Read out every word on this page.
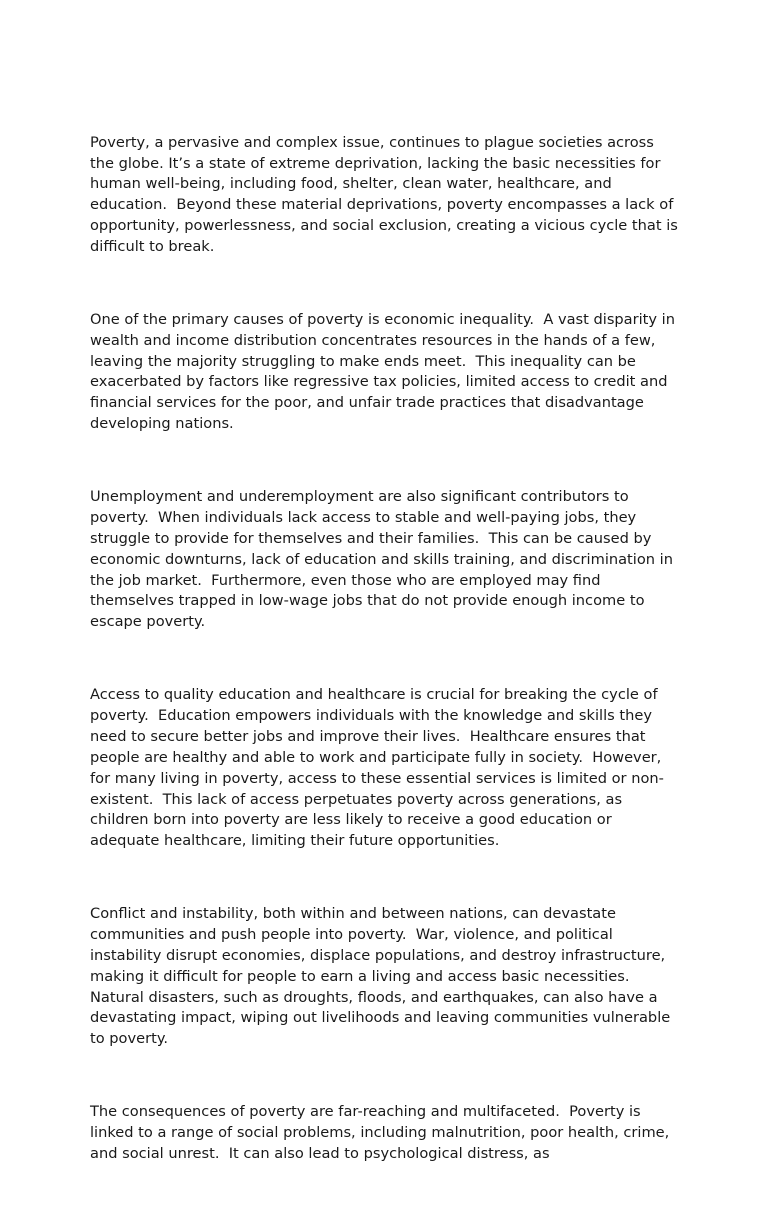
Poverty, a pervasive and complex issue, continues to plague societies across the globe. It’s a state of extreme deprivation, lacking the basic necessities for human well-being, including food, shelter, clean water, healthcare, and education.  Beyond these material deprivations, poverty encompasses a lack of opportunity, powerlessness, and social exclusion, creating a vicious cycle that is difficult to break.

One of the primary causes of poverty is economic inequality.  A vast disparity in wealth and income distribution concentrates resources in the hands of a few, leaving the majority struggling to make ends meet.  This inequality can be exacerbated by factors like regressive tax policies, limited access to credit and financial services for the poor, and unfair trade practices that disadvantage developing nations.

Unemployment and underemployment are also significant contributors to poverty.  When individuals lack access to stable and well-paying jobs, they struggle to provide for themselves and their families.  This can be caused by economic downturns, lack of education and skills training, and discrimination in the job market.  Furthermore, even those who are employed may find themselves trapped in low-wage jobs that do not provide enough income to escape poverty.

Access to quality education and healthcare is crucial for breaking the cycle of poverty.  Education empowers individuals with the knowledge and skills they need to secure better jobs and improve their lives.  Healthcare ensures that people are healthy and able to work and participate fully in society.  However, for many living in poverty, access to these essential services is limited or non-existent.  This lack of access perpetuates poverty across generations, as children born into poverty are less likely to receive a good education or adequate healthcare, limiting their future opportunities.

Conflict and instability, both within and between nations, can devastate communities and push people into poverty.  War, violence, and political instability disrupt economies, displace populations, and destroy infrastructure, making it difficult for people to earn a living and access basic necessities.  Natural disasters, such as droughts, floods, and earthquakes, can also have a devastating impact, wiping out livelihoods and leaving communities vulnerable to poverty.

The consequences of poverty are far-reaching and multifaceted.  Poverty is linked to a range of social problems, including malnutrition, poor health, crime, and social unrest.  It can also lead to psychological distress, as
